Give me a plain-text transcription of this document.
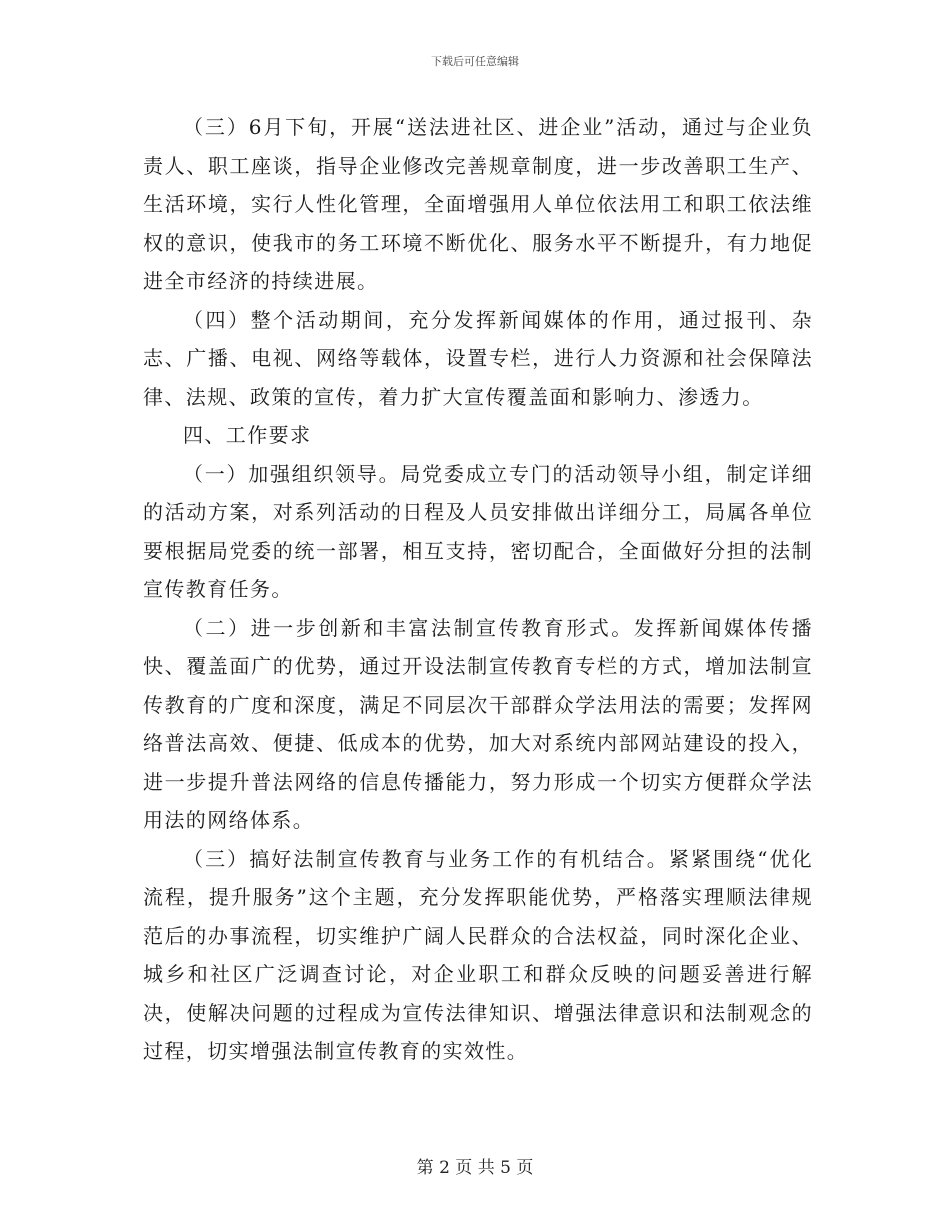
下载后可任意编辑

（三）6月下旬，开展“送法进社区、进企业”活动，通过与企业负责人、职工座谈，指导企业修改完善规章制度，进一步改善职工生产、生活环境，实行人性化管理，全面增强用人单位依法用工和职工依法维权的意识，使我市的务工环境不断优化、服务水平不断提升，有力地促进全市经济的持续进展。

（四）整个活动期间，充分发挥新闻媒体的作用，通过报刊、杂志、广播、电视、网络等载体，设置专栏，进行人力资源和社会保障法律、法规、政策的宣传，着力扩大宣传覆盖面和影响力、渗透力。

四、工作要求

（一）加强组织领导。局党委成立专门的活动领导小组，制定详细的活动方案，对系列活动的日程及人员安排做出详细分工，局属各单位要根据局党委的统一部署，相互支持，密切配合，全面做好分担的法制宣传教育任务。

（二）进一步创新和丰富法制宣传教育形式。发挥新闻媒体传播快、覆盖面广的优势，通过开设法制宣传教育专栏的方式，增加法制宣传教育的广度和深度，满足不同层次干部群众学法用法的需要；发挥网络普法高效、便捷、低成本的优势，加大对系统内部网站建设的投入，进一步提升普法网络的信息传播能力，努力形成一个切实方便群众学法用法的网络体系。

（三）搞好法制宣传教育与业务工作的有机结合。紧紧围绕“优化流程，提升服务”这个主题，充分发挥职能优势，严格落实理顺法律规范后的办事流程，切实维护广阔人民群众的合法权益，同时深化企业、城乡和社区广泛调查讨论，对企业职工和群众反映的问题妥善进行解决，使解决问题的过程成为宣传法律知识、增强法律意识和法制观念的过程，切实增强法制宣传教育的实效性。

第 2 页 共 5 页
